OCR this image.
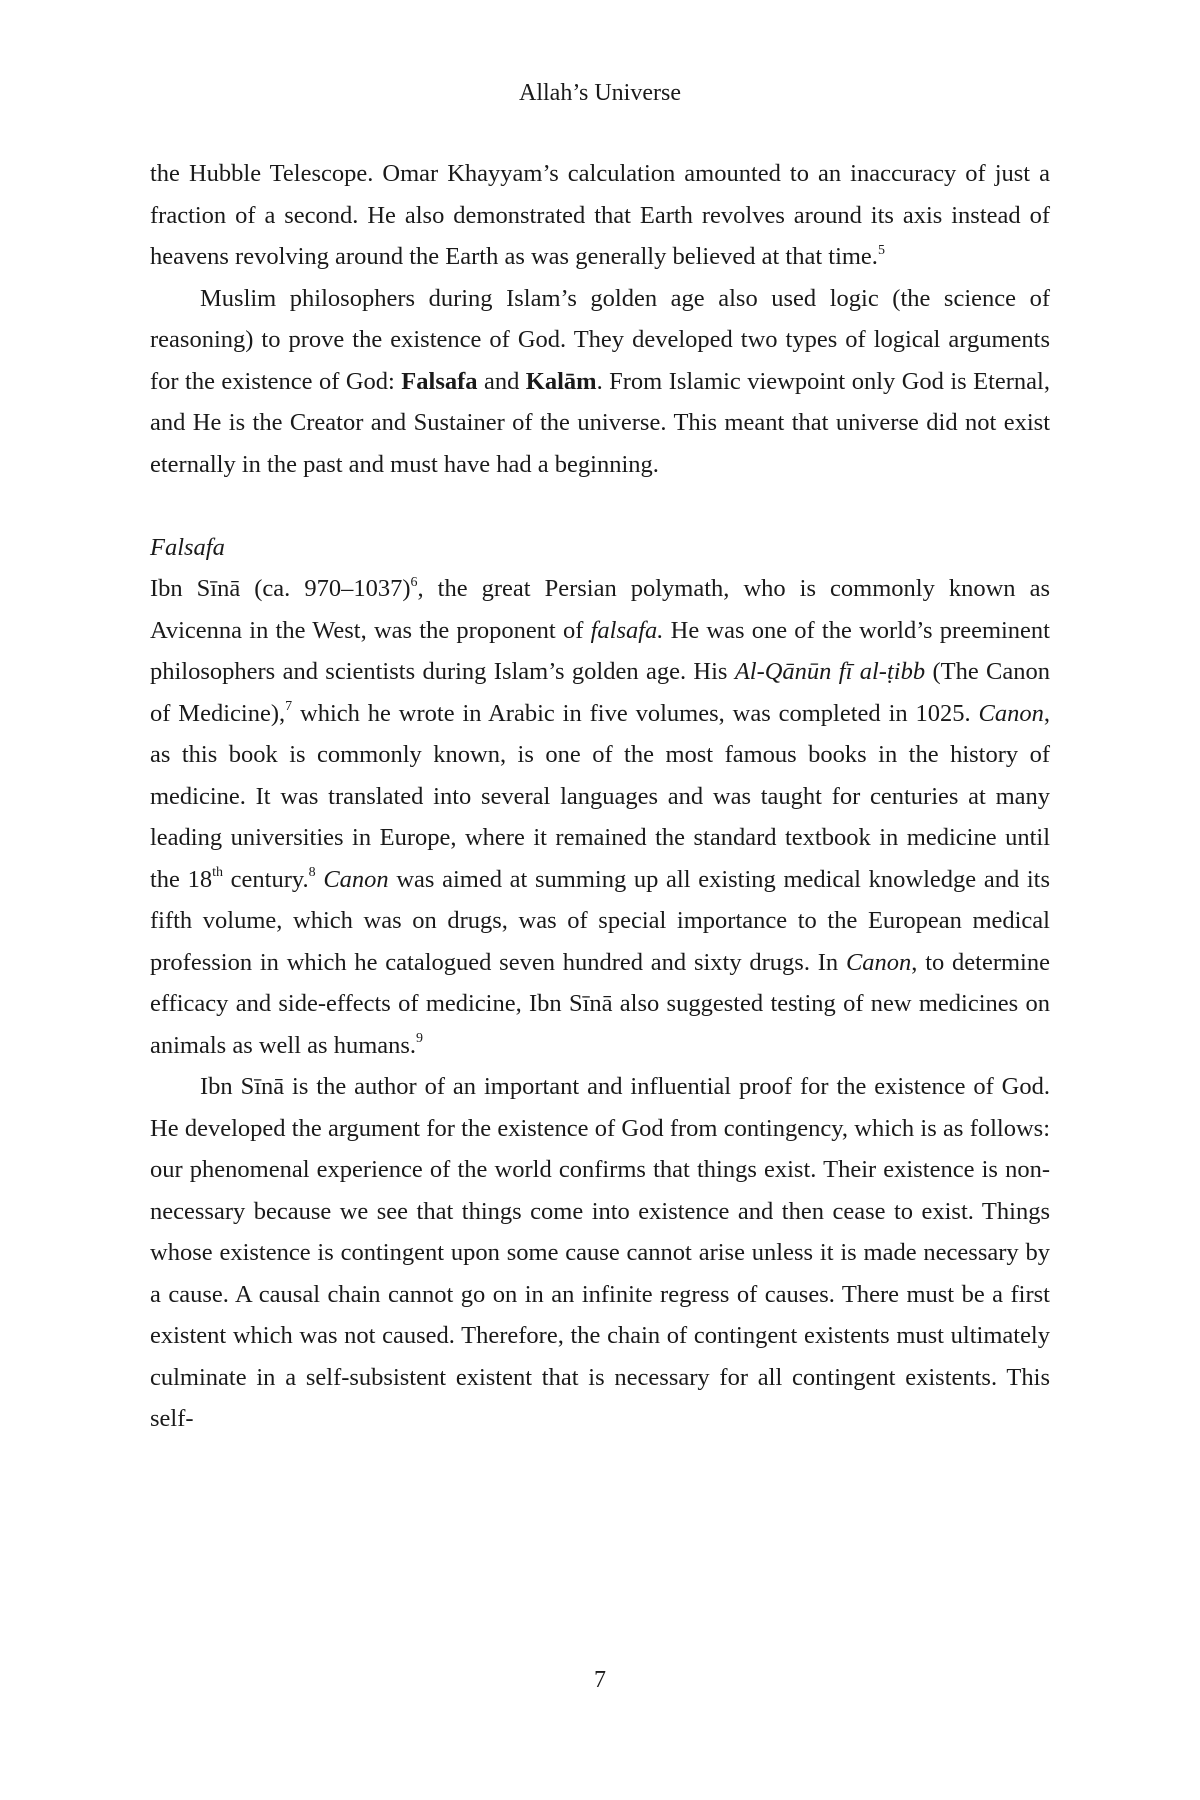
Allah’s Universe

the Hubble Telescope. Omar Khayyam’s calculation amounted to an inaccuracy of just a fraction of a second. He also demonstrated that Earth revolves around its axis instead of heavens revolving around the Earth as was generally believed at that time.$^5$

Muslim philosophers during Islam’s golden age also used logic (the science of reasoning) to prove the existence of God. They developed two types of logical arguments for the existence of God: Falsafa and Kalām. From Islamic viewpoint only God is Eternal, and He is the Creator and Sustainer of the universe. This meant that universe did not exist eternally in the past and must have had a beginning.

Falsafa

Ibn Sīnā (ca. 970–1037)$^6$, the great Persian polymath, who is commonly known as Avicenna in the West, was the proponent of falsafa. He was one of the world’s preeminent philosophers and scientists during Islam’s golden age. His Al-Qānūn fī al-ṭibb (The Canon of Medicine),$^7$ which he wrote in Arabic in five volumes, was completed in 1025. Canon, as this book is commonly known, is one of the most famous books in the history of medicine. It was translated into several languages and was taught for centuries at many leading universities in Europe, where it remained the standard textbook in medicine until the 18th century.$^8$ Canon was aimed at summing up all existing medical knowledge and its fifth volume, which was on drugs, was of special importance to the European medical profession in which he catalogued seven hundred and sixty drugs. In Canon, to determine efficacy and side-effects of medicine, Ibn Sīnā also suggested testing of new medicines on animals as well as humans.$^9$

Ibn Sīnā is the author of an important and influential proof for the existence of God. He developed the argument for the existence of God from contingency, which is as follows: our phenomenal experience of the world confirms that things exist. Their existence is non-necessary because we see that things come into existence and then cease to exist. Things whose existence is contingent upon some cause cannot arise unless it is made necessary by a cause. A causal chain cannot go on in an infinite regress of causes. There must be a first existent which was not caused. Therefore, the chain of contingent existents must ultimately culminate in a self-subsistent existent that is necessary for all contingent existents. This self-

7
